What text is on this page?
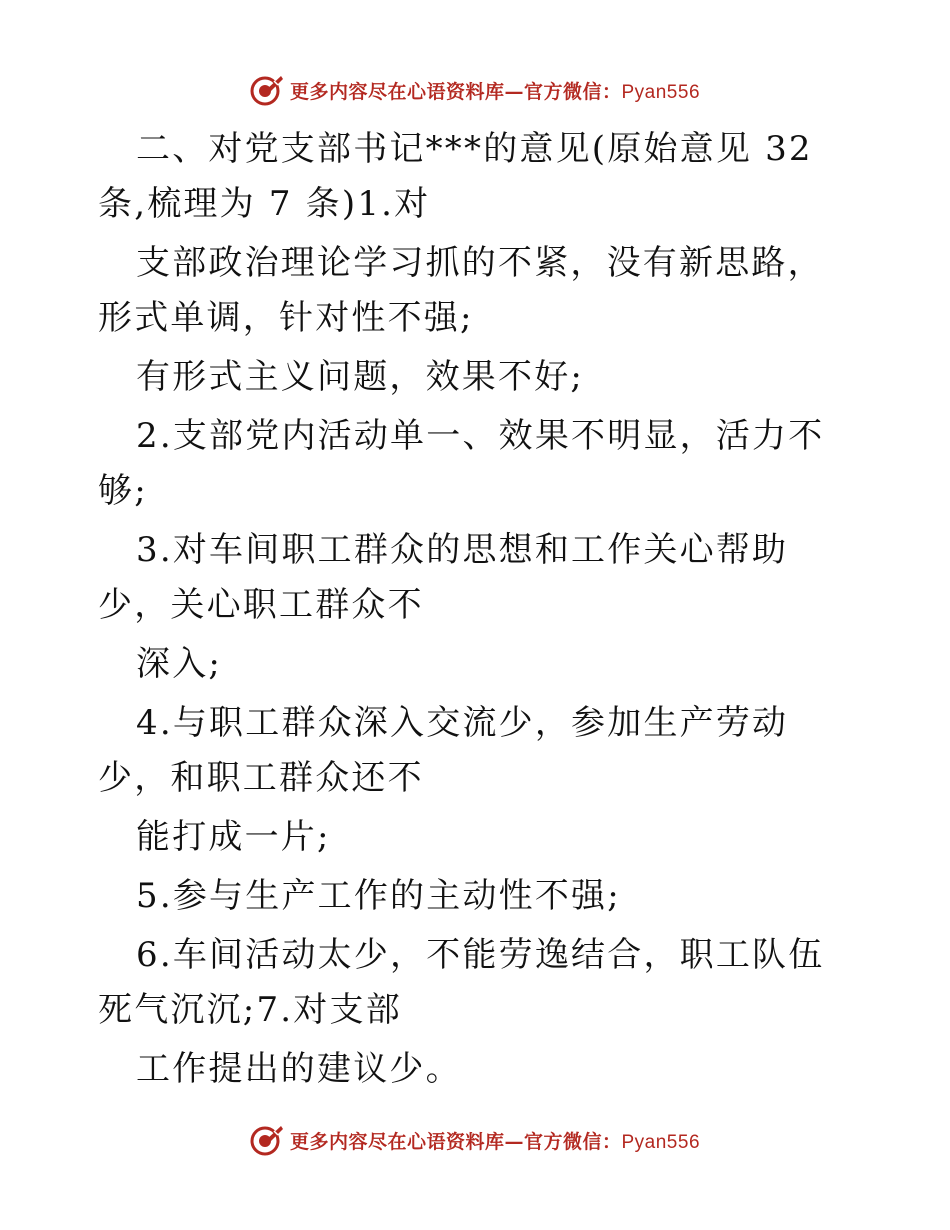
更多内容尽在心语资料库—官方微信：Pyan556

二、对党支部书记***的意见(原始意见 32 条,梳理为 7 条)1.对

支部政治理论学习抓的不紧，没有新思路，形式单调，针对性不强;

有形式主义问题，效果不好;

2.支部党内活动单一、效果不明显，活力不够;

3.对车间职工群众的思想和工作关心帮助少，关心职工群众不

深入;

4.与职工群众深入交流少，参加生产劳动少，和职工群众还不

能打成一片;

5.参与生产工作的主动性不强;

6.车间活动太少，不能劳逸结合，职工队伍死气沉沉;7.对支部

工作提出的建议少。

更多内容尽在心语资料库—官方微信：Pyan556
